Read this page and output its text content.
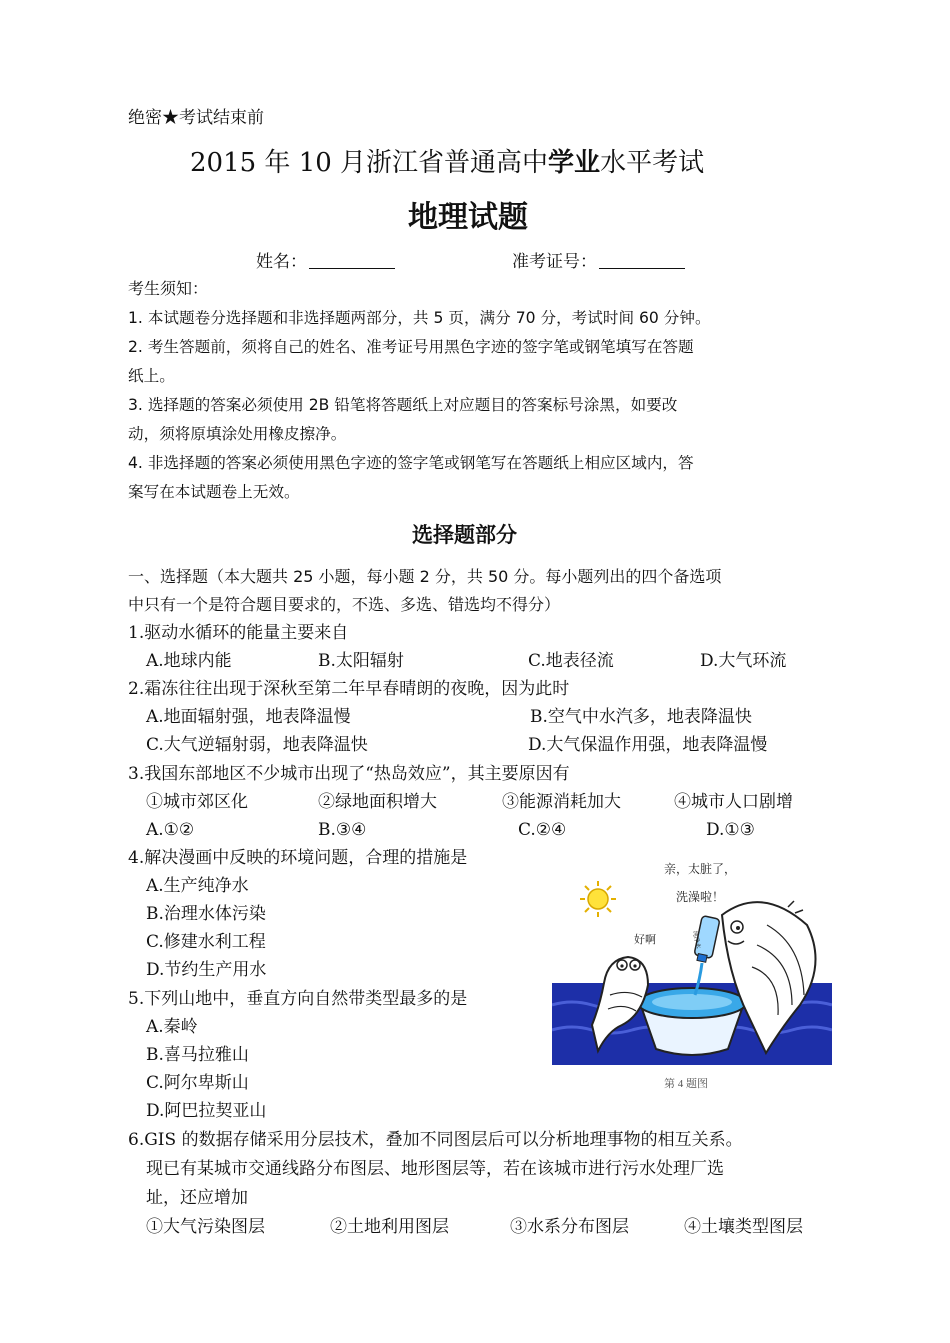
绝密★考试结束前
2015 年 10 月浙江省普通高中学业水平考试
地理试题
姓名：	准考证号：
考生须知：
1. 本试题卷分选择题和非选择题两部分，共 5 页，满分 70 分，考试时间 60 分钟。
2. 考生答题前，须将自己的姓名、准考证号用黑色字迹的签字笔或钢笔填写在答题
纸上。
3. 选择题的答案必须使用 2B 铅笔将答题纸上对应题目的答案标号涂黑，如要改
动，须将原填涂处用橡皮擦净。
4. 非选择题的答案必须使用黑色字迹的签字笔或钢笔写在答题纸上相应区域内，答
案写在本试题卷上无效。
选择题部分
一、选择题（本大题共 25 小题，每小题 2 分，共 50 分。每小题列出的四个备选项
中只有一个是符合题目要求的，不选、多选、错选均不得分）
1.驱动水循环的能量主要来自
A.地球内能	B.太阳辐射	C.地表径流	D.大气环流
2.霜冻往往出现于深秋至第二年早春晴朗的夜晚，因为此时
A.地面辐射强，地表降温慢	B.空气中水汽多，地表降温快
C.大气逆辐射弱，地表降温快	D.大气保温作用强，地表降温慢
3.我国东部地区不少城市出现了“热岛效应”，其主要原因有
①城市郊区化	②绿地面积增大	③能源消耗加大	④城市人口剧增
A.①②	B.③④	C.②④	D.①③
4.解决漫画中反映的环境问题，合理的措施是
A.生产纯净水
B.治理水体污染
C.修建水利工程
D.节约生产用水
5.下列山地中，垂直方向自然带类型最多的是
A.秦岭
B.喜马拉雅山
C.阿尔卑斯山
D.阿巴拉契亚山
6.GIS 的数据存储采用分层技术，叠加不同图层后可以分析地理事物的相互关系。
现已有某城市交通线路分布图层、地形图层等，若在该城市进行污水处理厂选
址，还应增加
①大气污染图层	②土地利用图层	③水系分布图层	④土壤类型图层
亲，太脏了，
洗澡啦！
好啊	纯净水
第 4 题图
